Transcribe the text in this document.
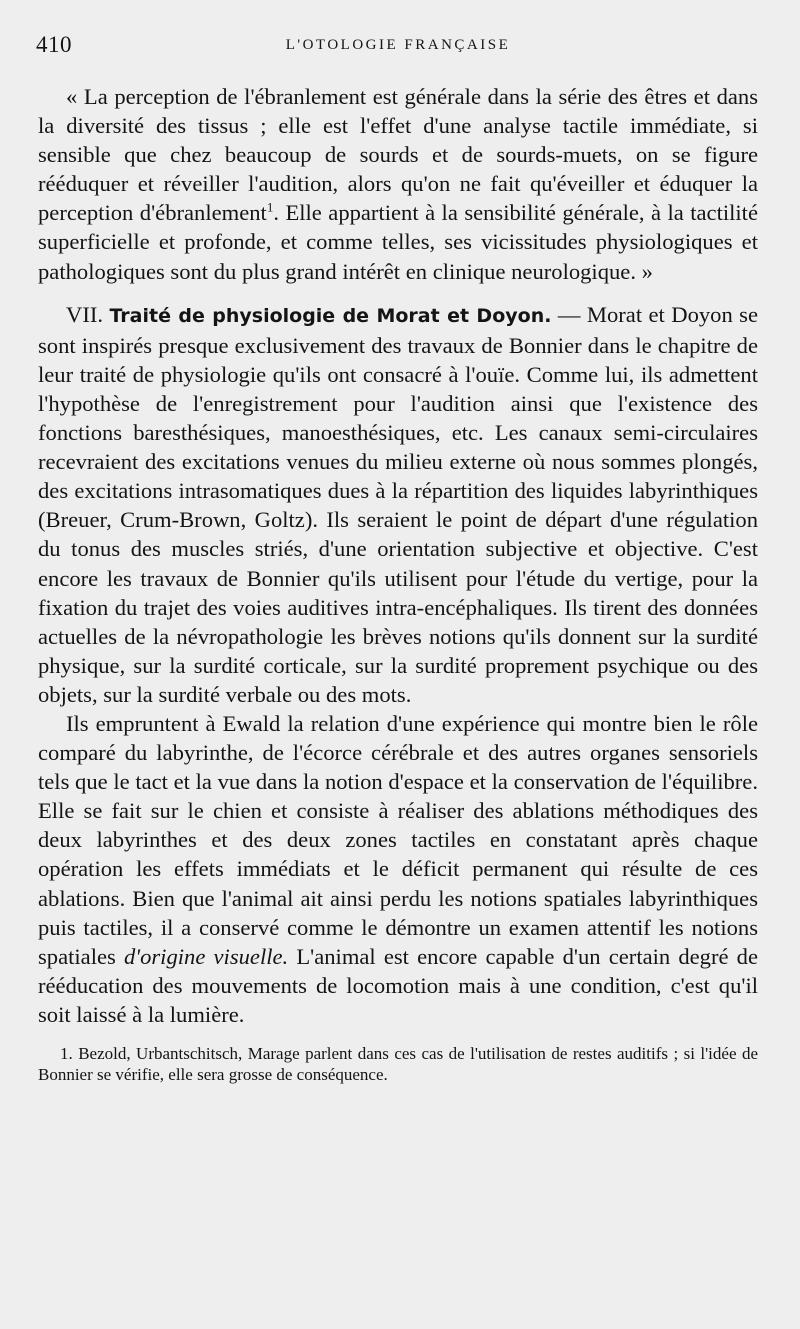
410	L'OTOLOGIE FRANÇAISE

« La perception de l'ébranlement est générale dans la série des êtres et dans la diversité des tissus ; elle est l'effet d'une analyse tactile immédiate, si sensible que chez beaucoup de sourds et de sourds-muets, on se figure rééduquer et réveiller l'audition, alors qu'on ne fait qu'éveiller et éduquer la perception d'ébranlement$^1$. Elle appartient à la sensibilité générale, à la tactilité superficielle et profonde, et comme telles, ses vicissitudes physiologiques et pathologiques sont du plus grand intérêt en clinique neurologique. »

VII. Traité de physiologie de Morat et Doyon. — Morat et Doyon se sont inspirés presque exclusivement des travaux de Bonnier dans le chapitre de leur traité de physiologie qu'ils ont consacré à l'ouïe. Comme lui, ils admettent l'hypothèse de l'enregistrement pour l'audition ainsi que l'existence des fonctions baresthésiques, manoesthésiques, etc. Les canaux semi-circulaires recevraient des excitations venues du milieu externe où nous sommes plongés, des excitations intrasomatiques dues à la répartition des liquides labyrinthiques (Breuer, Crum-Brown, Goltz). Ils seraient le point de départ d'une régulation du tonus des muscles striés, d'une orientation subjective et objective. C'est encore les travaux de Bonnier qu'ils utilisent pour l'étude du vertige, pour la fixation du trajet des voies auditives intra-encéphaliques. Ils tirent des données actuelles de la névropathologie les brèves notions qu'ils donnent sur la surdité physique, sur la surdité corticale, sur la surdité proprement psychique ou des objets, sur la surdité verbale ou des mots.

Ils empruntent à Ewald la relation d'une expérience qui montre bien le rôle comparé du labyrinthe, de l'écorce cérébrale et des autres organes sensoriels tels que le tact et la vue dans la notion d'espace et la conservation de l'équilibre. Elle se fait sur le chien et consiste à réaliser des ablations méthodiques des deux labyrinthes et des deux zones tactiles en constatant après chaque opération les effets immédiats et le déficit permanent qui résulte de ces ablations. Bien que l'animal ait ainsi perdu les notions spatiales labyrinthiques puis tactiles, il a conservé comme le démontre un examen attentif les notions spatiales d'origine visuelle. L'animal est encore capable d'un certain degré de rééducation des mouvements de locomotion mais à une condition, c'est qu'il soit laissé à la lumière.

1. Bezold, Urbantschitsch, Marage parlent dans ces cas de l'utilisation de restes auditifs ; si l'idée de Bonnier se vérifie, elle sera grosse de conséquence.
